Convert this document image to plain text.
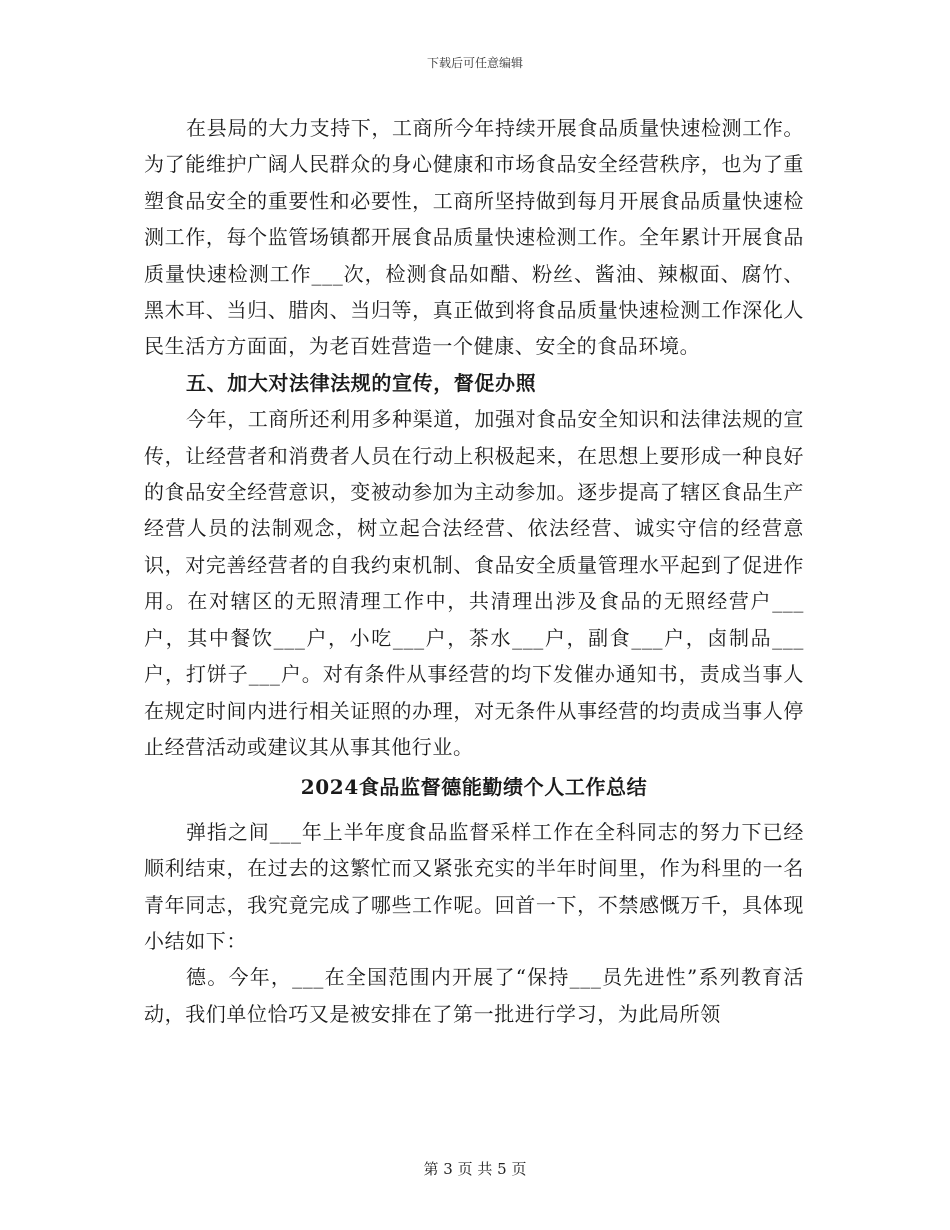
下载后可任意编辑

在县局的大力支持下，工商所今年持续开展食品质量快速检测工作。为了能维护广阔人民群众的身心健康和市场食品安全经营秩序，也为了重塑食品安全的重要性和必要性，工商所坚持做到每月开展食品质量快速检测工作，每个监管场镇都开展食品质量快速检测工作。全年累计开展食品质量快速检测工作___次，检测食品如醋、粉丝、酱油、辣椒面、腐竹、黑木耳、当归、腊肉、当归等，真正做到将食品质量快速检测工作深化人民生活方方面面，为老百姓营造一个健康、安全的食品环境。

五、加大对法律法规的宣传，督促办照

今年，工商所还利用多种渠道，加强对食品安全知识和法律法规的宣传，让经营者和消费者人员在行动上积极起来，在思想上要形成一种良好的食品安全经营意识，变被动参加为主动参加。逐步提高了辖区食品生产经营人员的法制观念，树立起合法经营、依法经营、诚实守信的经营意识，对完善经营者的自我约束机制、食品安全质量管理水平起到了促进作用。在对辖区的无照清理工作中，共清理出涉及食品的无照经营户___户，其中餐饮___户，小吃___户，茶水___户，副食___户，卤制品___户，打饼子___户。对有条件从事经营的均下发催办通知书，责成当事人在规定时间内进行相关证照的办理，对无条件从事经营的均责成当事人停止经营活动或建议其从事其他行业。

2024食品监督德能勤绩个人工作总结

弹指之间___年上半年度食品监督采样工作在全科同志的努力下已经顺利结束，在过去的这繁忙而又紧张充实的半年时间里，作为科里的一名青年同志，我究竟完成了哪些工作呢。回首一下，不禁感慨万千，具体现小结如下：

德。今年，___在全国范围内开展了“保持___员先进性”系列教育活动，我们单位恰巧又是被安排在了第一批进行学习，为此局所领

第 3 页 共 5 页
